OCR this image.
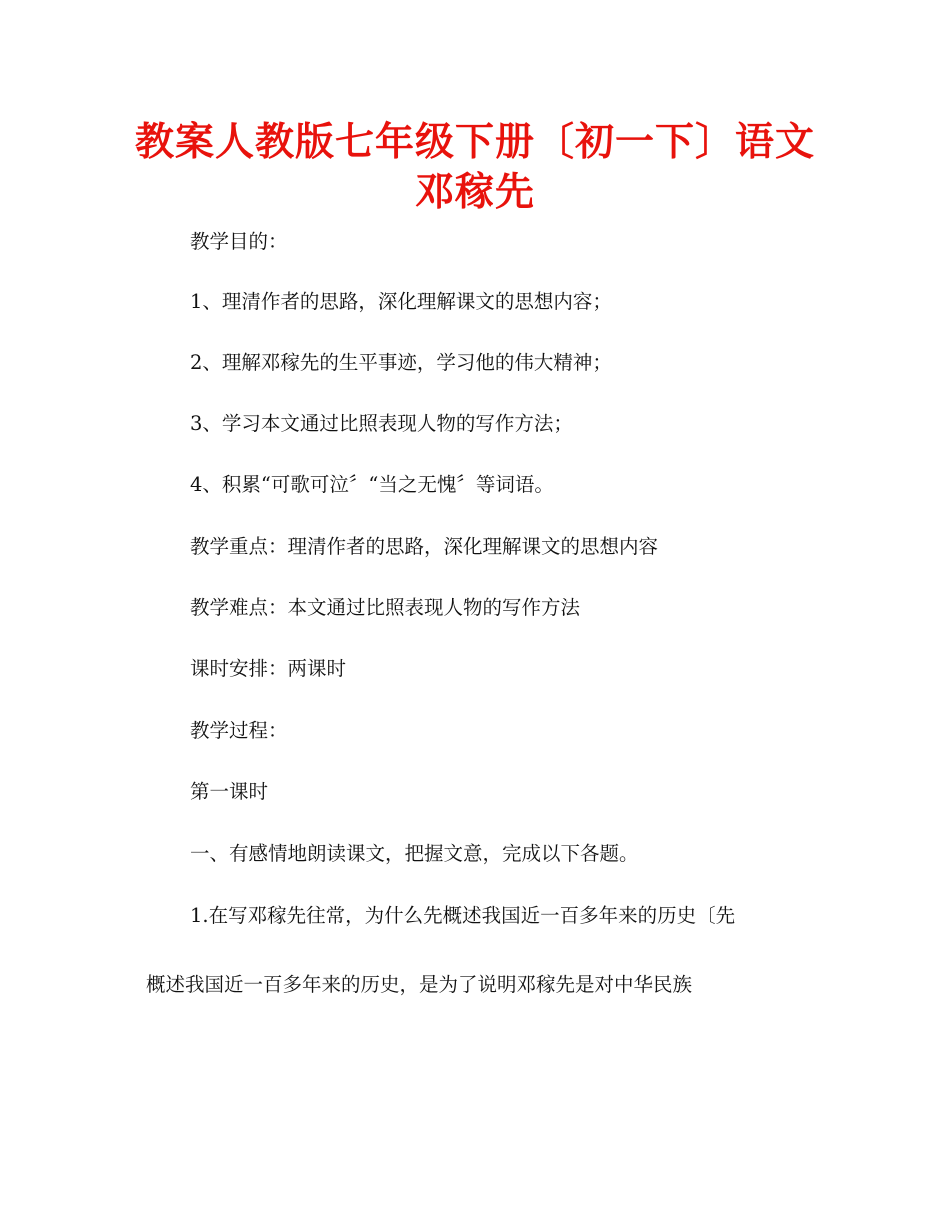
教案人教版七年级下册〔初一下〕语文邓稼先

教学目的：

1、理清作者的思路，深化理解课文的思想内容；

2、理解邓稼先的生平事迹，学习他的伟大精神；

3、学习本文通过比照表现人物的写作方法；

4、积累“可歌可泣〞“当之无愧〞等词语。

教学重点：理清作者的思路，深化理解课文的思想内容

教学难点：本文通过比照表现人物的写作方法

课时安排：两课时

教学过程：

第一课时

一、有感情地朗读课文，把握文意，完成以下各题。

1.在写邓稼先往常，为什么先概述我国近一百多年来的历史〔先

概述我国近一百多年来的历史，是为了说明邓稼先是对中华民族
